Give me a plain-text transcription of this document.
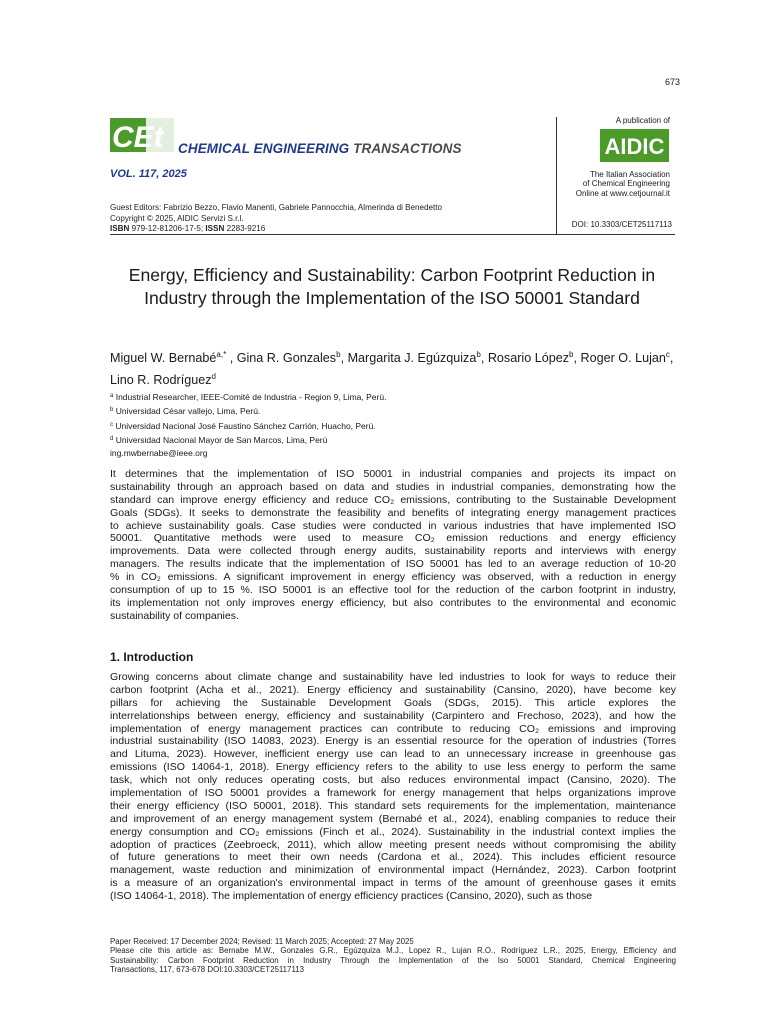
673
CEt CHEMICAL ENGINEERING TRANSACTIONS
VOL. 117, 2025
Guest Editors: Fabrizio Bezzo, Flavio Manenti, Gabriele Pannocchia, Almerinda di Benedetto
Copyright © 2025, AIDIC Servizi S.r.l.
ISBN 979-12-81206-17-5; ISSN 2283-9216
A publication of
AIDIC
The Italian Association
of Chemical Engineering
Online at www.cetjournal.it
DOI: 10.3303/CET25117113
Energy, Efficiency and Sustainability: Carbon Footprint Reduction in Industry through the Implementation of the ISO 50001 Standard
Miguel W. Bernabé$^{a,*}$ , Gina R. Gonzales$^b$, Margarita J. Egúzquiza$^b$, Rosario López$^b$, Roger O. Lujan$^c$, Lino R. Rodríguez$^d$
$^a$ Industrial Researcher, IEEE-Comité de Industria - Region 9, Lima, Perú.
$^b$ Universidad César vallejo, Lima, Perú.
$^c$ Universidad Nacional José Faustino Sánchez Carrión, Huacho, Perú.
$^d$ Universidad Nacional Mayor de San Marcos, Lima, Perú
ing.mwbernabe@ieee.org
It determines that the implementation of ISO 50001 in industrial companies and projects its impact on
sustainability through an approach based on data and studies in industrial companies, demonstrating how the
standard can improve energy efficiency and reduce CO₂ emissions, contributing to the Sustainable Development
Goals (SDGs). It seeks to demonstrate the feasibility and benefits of integrating energy management practices
to achieve sustainability goals. Case studies were conducted in various industries that have implemented ISO
50001. Quantitative methods were used to measure CO₂ emission reductions and energy efficiency
improvements. Data were collected through energy audits, sustainability reports and interviews with energy
managers. The results indicate that the implementation of ISO 50001 has led to an average reduction of 10-20
% in CO₂ emissions. A significant improvement in energy efficiency was observed, with a reduction in energy
consumption of up to 15 %. ISO 50001 is an effective tool for the reduction of the carbon footprint in industry,
its implementation not only improves energy efficiency, but also contributes to the environmental and economic
sustainability of companies.
1. Introduction
Growing concerns about climate change and sustainability have led industries to look for ways to reduce their
carbon footprint (Acha et al., 2021). Energy efficiency and sustainability (Cansino, 2020), have become key
pillars for achieving the Sustainable Development Goals (SDGs, 2015). This article explores the
interrelationships between energy, efficiency and sustainability (Carpintero and Frechoso, 2023), and how the
implementation of energy management practices can contribute to reducing CO₂ emissions and improving
industrial sustainability (ISO 14083, 2023). Energy is an essential resource for the operation of industries (Torres
and Lituma, 2023). However, inefficient energy use can lead to an unnecessary increase in greenhouse gas
emissions (ISO 14064-1, 2018). Energy efficiency refers to the ability to use less energy to perform the same
task, which not only reduces operating costs, but also reduces environmental impact (Cansino, 2020). The
implementation of ISO 50001 provides a framework for energy management that helps organizations improve
their energy efficiency (ISO 50001, 2018). This standard sets requirements for the implementation, maintenance
and improvement of an energy management system (Bernabé et al., 2024), enabling companies to reduce their
energy consumption and CO₂ emissions (Finch et al., 2024). Sustainability in the industrial context implies the
adoption of practices (Zeebroeck, 2011), which allow meeting present needs without compromising the ability
of future generations to meet their own needs (Cardona et al., 2024). This includes efficient resource
management, waste reduction and minimization of environmental impact (Hernández, 2023). Carbon footprint
is a measure of an organization's environmental impact in terms of the amount of greenhouse gases it emits
(ISO 14064-1, 2018). The implementation of energy efficiency practices (Cansino, 2020), such as those
Paper Received: 17 December 2024; Revised: 11 March 2025; Accepted: 27 May 2025
Please cite this article as: Bernabe M.W., Gonzales G.R., Egúzquiza M.J., Lopez R., Lujan R.O., Rodríguez L.R., 2025, Energy, Efficiency and
Sustainability: Carbon Footprint Reduction in Industry Through the Implementation of the Iso 50001 Standard, Chemical Engineering
Transactions, 117, 673-678 DOI:10.3303/CET25117113
